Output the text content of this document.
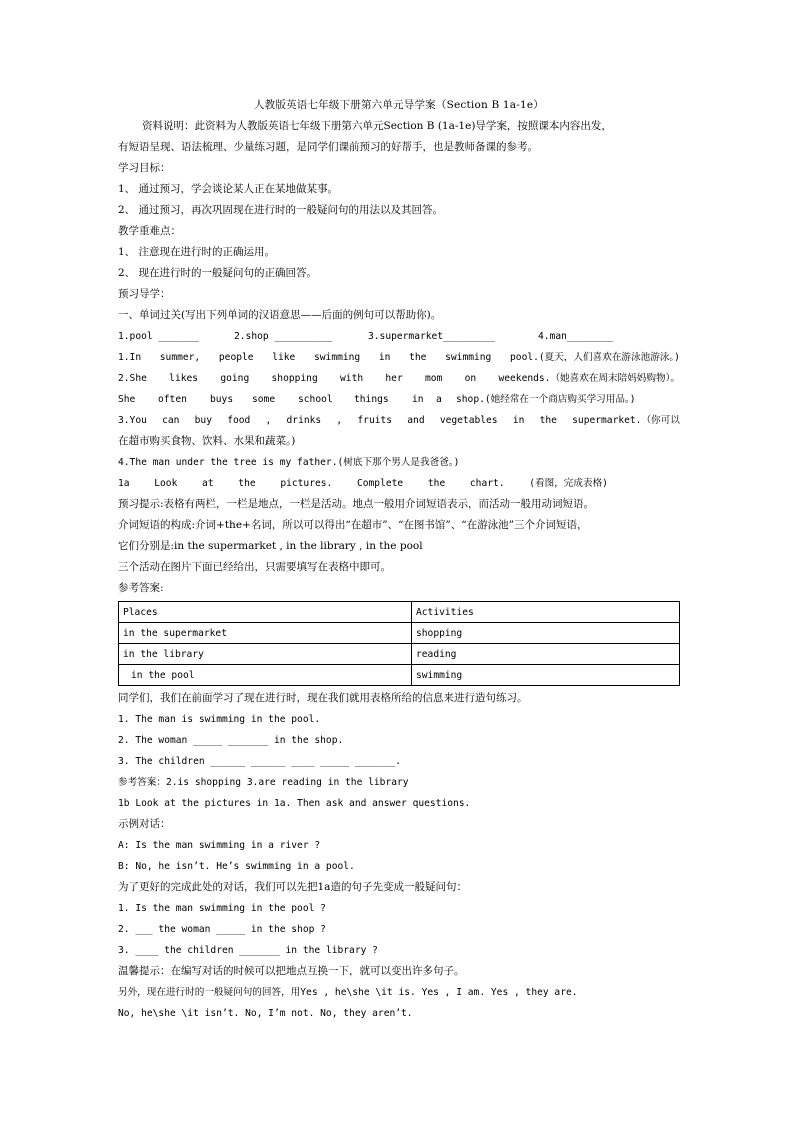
人教版英语七年级下册第六单元导学案（Section B 1a-1e）
资料说明：此资料为人教版英语七年级下册第六单元Section B (1a-1e)导学案，按照课本内容出发，
有短语呈现、语法梳理、少量练习题，是同学们课前预习的好帮手，也是教师备课的参考。
学习目标：
1、 通过预习，学会谈论某人正在某地做某事。
2、 通过预习，再次巩固现在进行时的一般疑问句的用法以及其回答。
教学重难点：
1、 注意现在进行时的正确运用。
2、 现在进行时的一般疑问句的正确回答。
预习导学：
一、单词过关(写出下列单词的汉语意思——后面的例句可以帮助你)。
1.pool _______	2.shop __________	3.supermarket_________	4.man________
1.In summer, people like swimming in the swimming pool.(夏天，人们喜欢在游泳池游泳。)
2.She likes going shopping with her mom on weekends.（她喜欢在周末陪妈妈购物）。
She	often	buys	some	school	things	in	a	shop.(她经常在一个商店购买学习用品。)
3.You can buy food , drinks , fruits and vegetables in the supermarket.（你可以
在超市购买食物、饮料、水果和蔬菜。)
4.The man under the tree is my father.(树底下那个男人是我爸爸。)
1a	Look	at	the	pictures.	Complete	the	chart.	(看图，完成表格)
预习提示:表格有两栏，一栏是地点，一栏是活动。地点一般用介词短语表示，而活动一般用动词短语。
介词短语的构成:介词+the+名词，所以可以得出“在超市”、“在图书馆”、“在游泳池”三个介词短语，
它们分别是:in the supermarket , in the library , in the pool
三个活动在图片下面已经给出，只需要填写在表格中即可。
参考答案:
Places	Activities
in the supermarket	shopping
in the library	reading
in the pool	swimming
同学们，我们在前面学习了现在进行时，现在我们就用表格所给的信息来进行造句练习。
1. The man is swimming in the pool.
2. The woman _____ _______ in the shop.
3. The children ______ ______ ____ _____ _______.
参考答案：2.is shopping 3.are reading in the library
1b Look at the pictures in 1a. Then ask and answer questions.
示例对话：
A: Is the man swimming in a river ?
B: No, he isn’t. He’s swimming in a pool.
为了更好的完成此处的对话，我们可以先把1a造的句子先变成一般疑问句：
1. Is the man swimming in the pool ?
2. ___ the woman _____ in the shop ?
3. ____ the children _______ in the library ?
温馨提示：在编写对话的时候可以把地点互换一下，就可以变出许多句子。
另外，现在进行时的一般疑问句的回答，用Yes , he\she \it is. Yes , I am. Yes , they are.
No, he\she \it isn’t. No, I’m not. No, they aren’t.
